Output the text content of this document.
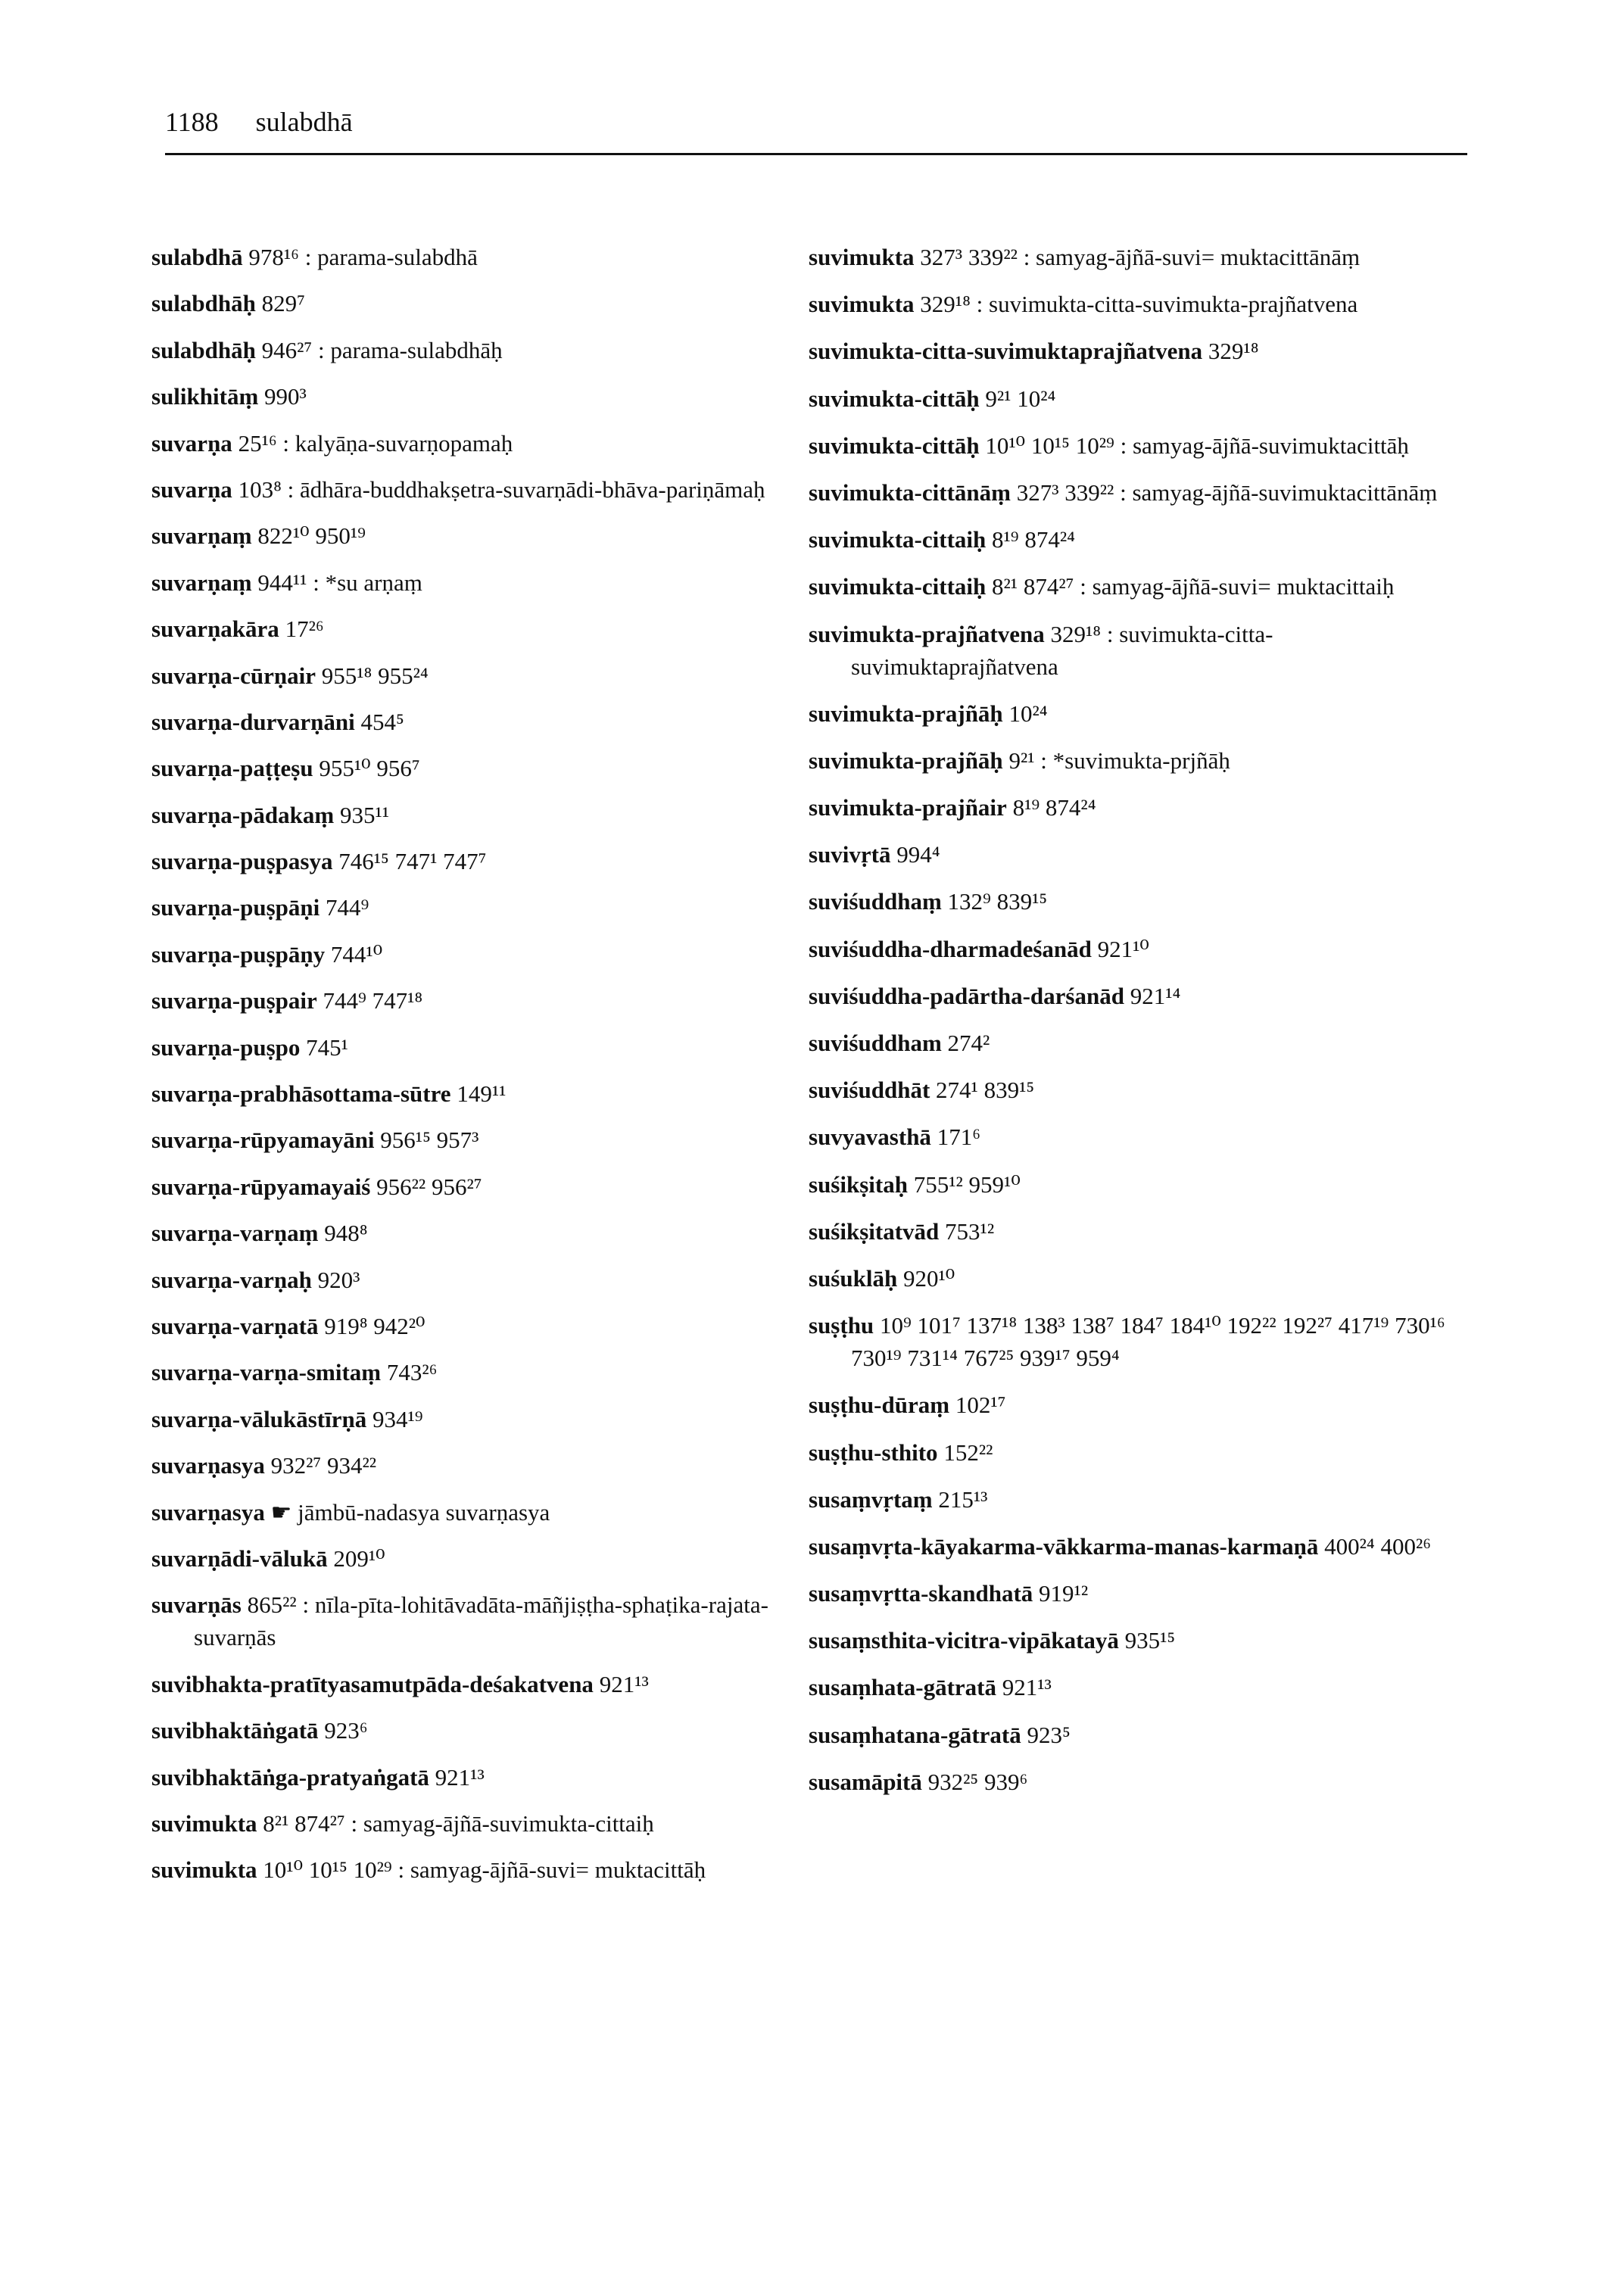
1188 sulabdhā
sulabdhā 978¹⁶ : parama-sulabdhā
sulabdhāḥ 829⁷
sulabdhāḥ 946²⁷ : parama-sulabdhāḥ
sulikhitāṃ 990³
suvarṇa 25¹⁶ : kalyāṇa-suvarṇopamaḥ
suvarṇa 103⁸ : ādhāra-buddhakṣetra-suvarṇādi-bhāva-pariṇāmaḥ
suvarṇaṃ 822¹⁰ 950¹⁹
suvarṇaṃ 944¹¹ : *su arṇaṃ
suvarṇakāra 17²⁶
suvarṇa-cūrṇair 955¹⁸ 955²⁴
suvarṇa-durvarṇāni 454⁵
suvarṇa-paṭṭeṣu 955¹⁰ 956⁷
suvarṇa-pādakaṃ 935¹¹
suvarṇa-puṣpasya 746¹⁵ 747¹ 747⁷
suvarṇa-puṣpāṇi 744⁹
suvarṇa-puṣpāṇy 744¹⁰
suvarṇa-puṣpair 744⁹ 747¹⁸
suvarṇa-puṣpo 745¹
suvarṇa-prabhāsottama-sūtre 149¹¹
suvarṇa-rūpyamayāni 956¹⁵ 957³
suvarṇa-rūpyamayaiś 956²² 956²⁷
suvarṇa-varṇaṃ 948⁸
suvarṇa-varṇaḥ 920³
suvarṇa-varṇatā 919⁸ 942²⁰
suvarṇa-varṇa-smitaṃ 743²⁶
suvarṇa-vālukāstīrṇā 934¹⁹
suvarṇasya 932²⁷ 934²²
suvarṇasya ☛ jāmbū-nadasya suvarṇasya
suvarṇādi-vālukā 209¹⁰
suvarṇās 865²² : nīla-pīta-lohitāvadāta-māñjiṣṭha-sphaṭika-rajata-suvarṇās
suvibhakta-pratītyasamutpāda-deśakatvena 921¹³
suvibhaktāṅgatā 923⁶
suvibhaktāṅga-pratyaṅgatā 921¹³
suvimukta 8²¹ 874²⁷ : samyag-ājñā-suvimukta-cittaiḥ
suvimukta 10¹⁰ 10¹⁵ 10²⁹ : samyag-ājñā-suvi= muktacittāḥ
suvimukta 327³ 339²² : samyag-ājñā-suvi= muktacittānāṃ
suvimukta 329¹⁸ : suvimukta-citta-suvimukta-prajñatvena
suvimukta-citta-suvimuktaprajñatvena 329¹⁸
suvimukta-cittāḥ 9²¹ 10²⁴
suvimukta-cittāḥ 10¹⁰ 10¹⁵ 10²⁹ : samyag-ājñā-suvimuktacittāḥ
suvimukta-cittānāṃ 327³ 339²² : samyag-ājñā-suvimuktacittānāṃ
suvimukta-cittaiḥ 8¹⁹ 874²⁴
suvimukta-cittaiḥ 8²¹ 874²⁷ : samyag-ājñā-suvi= muktacittaiḥ
suvimukta-prajñatvena 329¹⁸ : suvimukta-citta-suvimuktaprajñatvena
suvimukta-prajñāḥ 10²⁴
suvimukta-prajñāḥ 9²¹ : *suvimukta-prjñāḥ
suvimukta-prajñair 8¹⁹ 874²⁴
suvivṛtā 994⁴
suviśuddhaṃ 132⁹ 839¹⁵
suviśuddha-dharmadeśanād 921¹⁰
suviśuddha-padārtha-darśanād 921¹⁴
suviśuddham 274²
suviśuddhāt 274¹ 839¹⁵
suvyavasthā 171⁶
suśikṣitaḥ 755¹² 959¹⁰
suśikṣitatvād 753¹²
suśuklāḥ 920¹⁰
suṣṭhu 10⁹ 101⁷ 137¹⁸ 138³ 138⁷ 184⁷ 184¹⁰ 192²² 192²⁷ 417¹⁹ 730¹⁶ 730¹⁹ 731¹⁴ 767²⁵ 939¹⁷ 959⁴
suṣṭhu-dūraṃ 102¹⁷
suṣṭhu-sthito 152²²
susaṃvṛtaṃ 215¹³
susaṃvṛta-kāyakarma-vākkarma-manas-karmaṇā 400²⁴ 400²⁶
susaṃvṛtta-skandhatā 919¹²
susaṃsthita-vicitra-vipākatayā 935¹⁵
susaṃhata-gātratā 921¹³
susaṃhatana-gātratā 923⁵
susamāpitā 932²⁵ 939⁶
